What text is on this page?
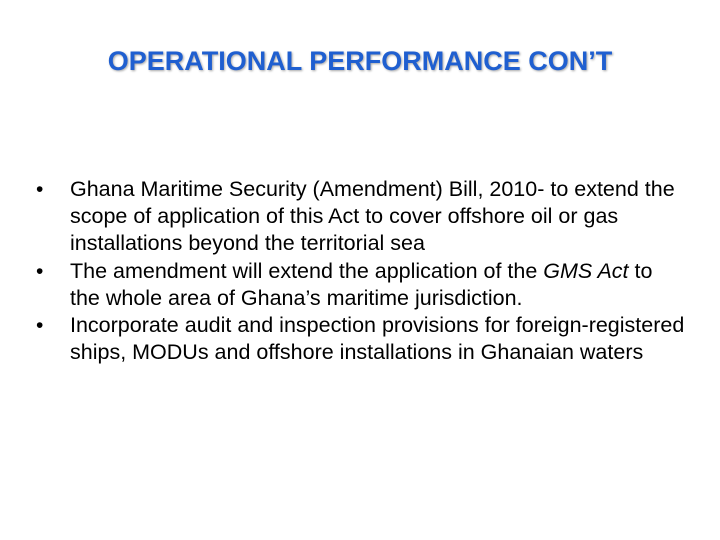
OPERATIONAL PERFORMANCE CON’T
•	Ghana Maritime Security (Amendment) Bill, 2010- to extend the scope of application of this Act to cover offshore oil or gas installations beyond the territorial sea
•	The amendment will extend the application of the GMS Act to the whole area of Ghana’s maritime jurisdiction.
•	Incorporate audit and inspection provisions for foreign-registered ships, MODUs and offshore installations in Ghanaian waters
